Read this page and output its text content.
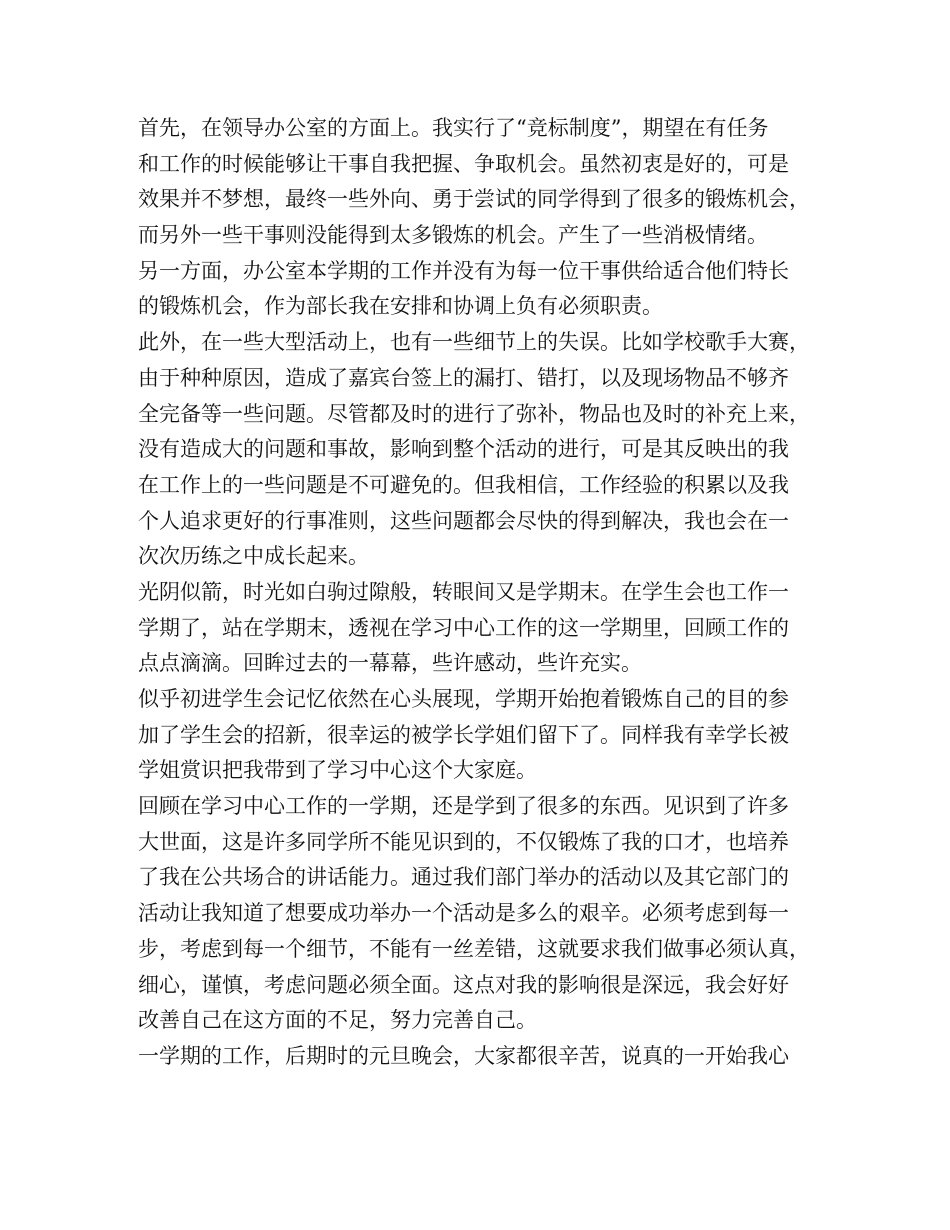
首先，在领导办公室的方面上。我实行了“竞标制度”，期望在有任务
和工作的时候能够让干事自我把握、争取机会。虽然初衷是好的，可是
效果并不梦想，最终一些外向、勇于尝试的同学得到了很多的锻炼机会，
而另外一些干事则没能得到太多锻炼的机会。产生了一些消极情绪。
另一方面，办公室本学期的工作并没有为每一位干事供给适合他们特长
的锻炼机会，作为部长我在安排和协调上负有必须职责。
此外，在一些大型活动上，也有一些细节上的失误。比如学校歌手大赛，
由于种种原因，造成了嘉宾台签上的漏打、错打，以及现场物品不够齐
全完备等一些问题。尽管都及时的进行了弥补，物品也及时的补充上来，
没有造成大的问题和事故，影响到整个活动的进行，可是其反映出的我
在工作上的一些问题是不可避免的。但我相信，工作经验的积累以及我
个人追求更好的行事准则，这些问题都会尽快的得到解决，我也会在一
次次历练之中成长起来。
光阴似箭，时光如白驹过隙般，转眼间又是学期末。在学生会也工作一
学期了，站在学期末，透视在学习中心工作的这一学期里，回顾工作的
点点滴滴。回眸过去的一幕幕，些许感动，些许充实。
似乎初进学生会记忆依然在心头展现，学期开始抱着锻炼自己的目的参
加了学生会的招新，很幸运的被学长学姐们留下了。同样我有幸学长被
学姐赏识把我带到了学习中心这个大家庭。
回顾在学习中心工作的一学期，还是学到了很多的东西。见识到了许多
大世面，这是许多同学所不能见识到的，不仅锻炼了我的口才，也培养
了我在公共场合的讲话能力。通过我们部门举办的活动以及其它部门的
活动让我知道了想要成功举办一个活动是多么的艰辛。必须考虑到每一
步，考虑到每一个细节，不能有一丝差错，这就要求我们做事必须认真，
细心，谨慎，考虑问题必须全面。这点对我的影响很是深远，我会好好
改善自己在这方面的不足，努力完善自己。
一学期的工作，后期时的元旦晚会，大家都很辛苦，说真的一开始我心
